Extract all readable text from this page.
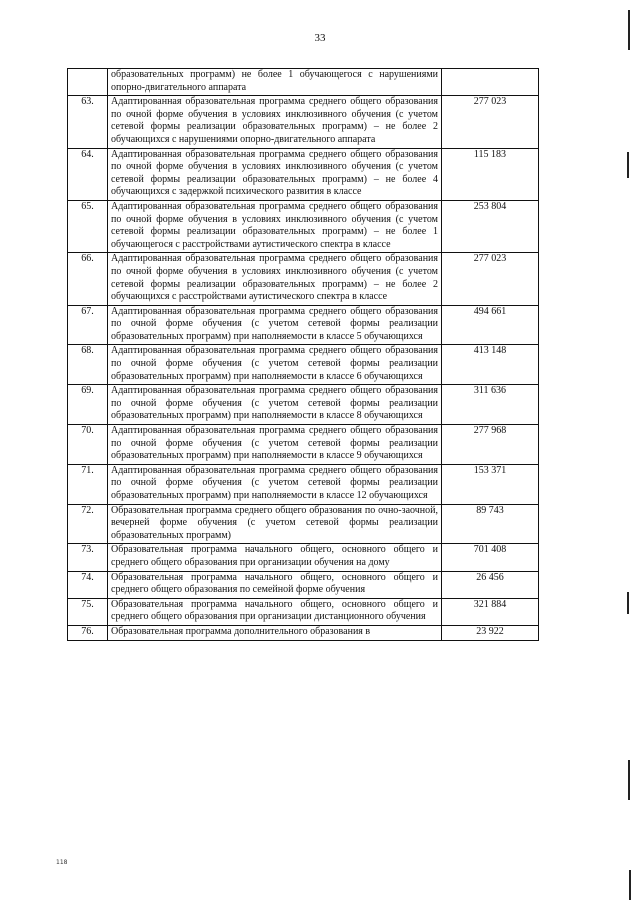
33
	образовательных программ) не более 1 обучающегося с нарушениями опорно-двигательного аппарата	
63.	Адаптированная образовательная программа среднего общего образования по очной форме обучения в условиях инклюзивного обучения (с учетом сетевой формы реализации образовательных программ) – не более 2 обучающихся с нарушениями опорно-двигательного аппарата	277 023
64.	Адаптированная образовательная программа среднего общего образования по очной форме обучения в условиях инклюзивного обучения (с учетом сетевой формы реализации образовательных программ) – не более 4 обучающихся с задержкой психического развития в классе	115 183
65.	Адаптированная образовательная программа среднего общего образования по очной форме обучения в условиях инклюзивного обучения (с учетом сетевой формы реализации образовательных программ) – не более 1 обучающегося с расстройствами аутистического спектра в классе	253 804
66.	Адаптированная образовательная программа среднего общего образования по очной форме обучения в условиях инклюзивного обучения (с учетом сетевой формы реализации образовательных программ) – не более 2 обучающихся с расстройствами аутистического спектра в классе	277 023
67.	Адаптированная образовательная программа среднего общего образования по очной форме обучения (с учетом сетевой формы реализации образовательных программ) при наполняемости в классе 5 обучающихся	494 661
68.	Адаптированная образовательная программа среднего общего образования по очной форме обучения (с учетом сетевой формы реализации образовательных программ) при наполняемости в классе 6 обучающихся	413 148
69.	Адаптированная образовательная программа среднего общего образования по очной форме обучения (с учетом сетевой формы реализации образовательных программ) при наполняемости в классе 8 обучающихся	311 636
70.	Адаптированная образовательная программа среднего общего образования по очной форме обучения (с учетом сетевой формы реализации образовательных программ) при наполняемости в классе 9 обучающихся	277 968
71.	Адаптированная образовательная программа среднего общего образования по очной форме обучения (с учетом сетевой формы реализации образовательных программ) при наполняемости в классе 12 обучающихся	153 371
72.	Образовательная программа среднего общего образования по очно-заочной, вечерней форме обучения (с учетом сетевой формы реализации образовательных программ)	89 743
73.	Образовательная программа начального общего, основного общего и среднего общего образования при организации обучения на дому	701 408
74.	Образовательная программа начального общего, основного общего и среднего общего образования по семейной форме обучения	26 456
75.	Образовательная программа начального общего, основного общего и среднего общего образования при организации дистанционного обучения	321 884
76.	Образовательная программа дополнительного образования в	23 922
118
